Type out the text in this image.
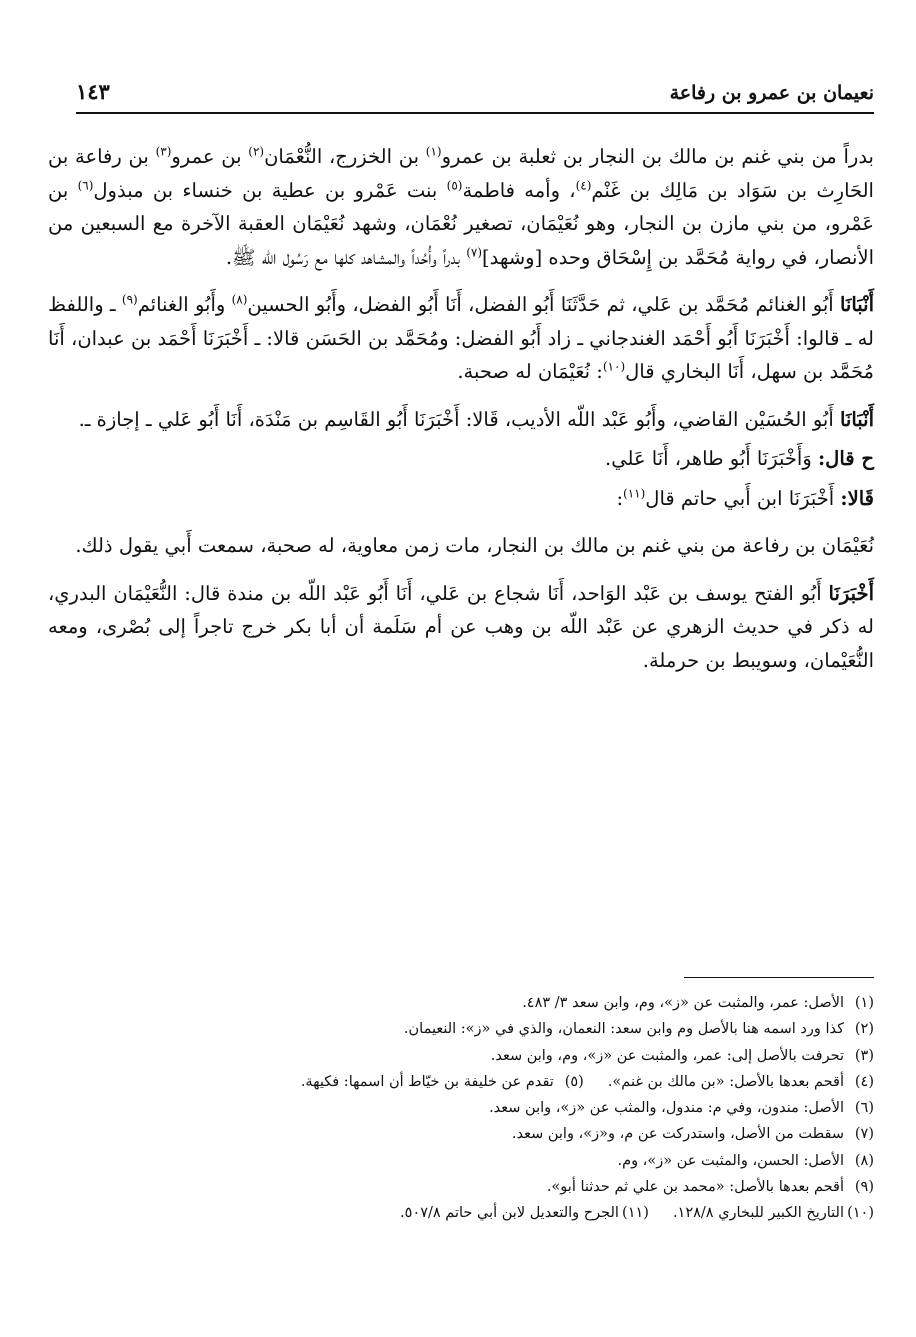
نعيمان بن عمرو بن رفاعة
١٤٣

بدراً من بني غنم بن مالك بن النجار بن ثعلبة بن عمرو$^{(١)}$ بن الخزرج، النُّعْمَان$^{(٢)}$ بن عمرو$^{(٣)}$ بن رفاعة بن الحَارِث بن سَوَاد بن مَالِك بن غَنْم$^{(٤)}$، وأمه فاطمة$^{(٥)}$ بنت عَمْرو بن عطية بن خنساء بن مبذول$^{(٦)}$ بن عَمْرو، من بني مازن بن النجار، وهو نُعَيْمَان، تصغير نُعْمَان، وشهد نُعَيْمَان العقبة الآخرة مع السبعين من الأنصار، في رواية مُحَمَّد بن إِسْحَاق وحده [وشهد]$^{(٧)}$ بدراً وأُحُداً والمشاهد كلها مع رَسُول الله ﷺ.

أَنْبَانَا أَبُو الغنائم مُحَمَّد بن عَلي، ثم حَدَّثَنَا أَبُو الفضل، أَنَا أَبُو الفضل، وأَبُو الحسين$^{(٨)}$ وأَبُو الغنائم$^{(٩)}$ ـ واللفظ له ـ قالوا: أَخْبَرَنَا أَبُو أَحْمَد الغندجاني ـ زاد أَبُو الفضل: ومُحَمَّد بن الحَسَن قالا: ـ أَخْبَرَنَا أَحْمَد بن عبدان، أَنَا مُحَمَّد بن سهل، أَنَا البخاري قال$^{(١٠)}$: نُعَيْمَان له صحبة.

أَنْبَانَا أَبُو الحُسَيْن القاضي، وأَبُو عَبْد اللّه الأديب، قَالا: أَخْبَرَنَا أَبُو القَاسِم بن مَنْدَة، أَنَا أَبُو عَلي ـ إجازة ـ.

ح قال: وَأَخْبَرَنَا أَبُو طاهر، أَنَا عَلي.

قَالا: أَخْبَرَنَا ابن أَبي حاتم قال$^{(١١)}$:

نُعَيْمَان بن رفاعة من بني غنم بن مالك بن النجار، مات زمن معاوية، له صحبة، سمعت أَبي يقول ذلك.

أَخْبَرَنَا أَبُو الفتح يوسف بن عَبْد الوَاحد، أَنَا شجاع بن عَلي، أَنَا أَبُو عَبْد اللّه بن مندة قال: النُّعَيْمَان البدري، له ذكر في حديث الزهري عن عَبْد اللّه بن وهب عن أم سَلَمة أن أبا بكر خرج تاجراً إلى بُصْرى، ومعه النُّعَيْمان، وسويبط بن حرملة.

(١)الأصل: عمر، والمثبت عن «ز»، وم، وابن سعد ٣/ ٤٨٣.
(٢)كذا ورد اسمه هنا بالأصل وم وابن سعد: النعمان، والذي في «ز»: النعيمان.
(٣)تحرفت بالأصل إلى: عمر، والمثبت عن «ز»، وم، وابن سعد.
(٤)أقحم بعدها بالأصل: «بن مالك بن غنم».
(٥)تقدم عن خليفة بن خيّاط أن اسمها: فكيهة.
(٦)الأصل: مندون، وفي م: مندول، والمثب عن «ز»، وابن سعد.
(٧)سقطت من الأصل، واستدركت عن م، و«ز»، وابن سعد.
(٨)الأصل: الحسن، والمثبت عن «ز»، وم.
(٩)أقحم بعدها بالأصل: «محمد بن علي ثم حدثنا أبو».
(١٠)التاريخ الكبير للبخاري ١٢٨/٨.
(١١)الجرح والتعديل لابن أبي حاتم ٥٠٧/٨.
